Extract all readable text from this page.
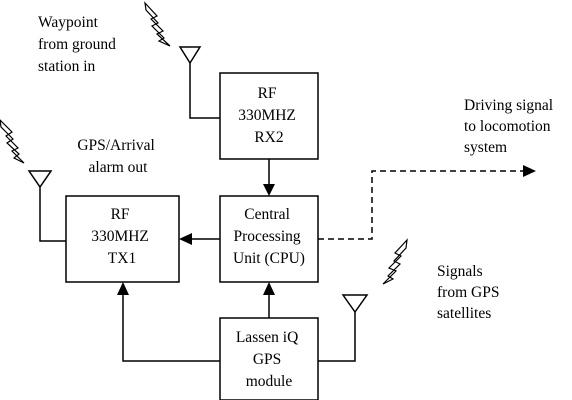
Waypoint from ground station in
GPS/Arrival alarm out
Driving signal to locomotion system
Signals from GPS satellites
RF 330MHZ RX2
RF 330MHZ TX1
Central Processing Unit (CPU)
Lassen iQ GPS module
